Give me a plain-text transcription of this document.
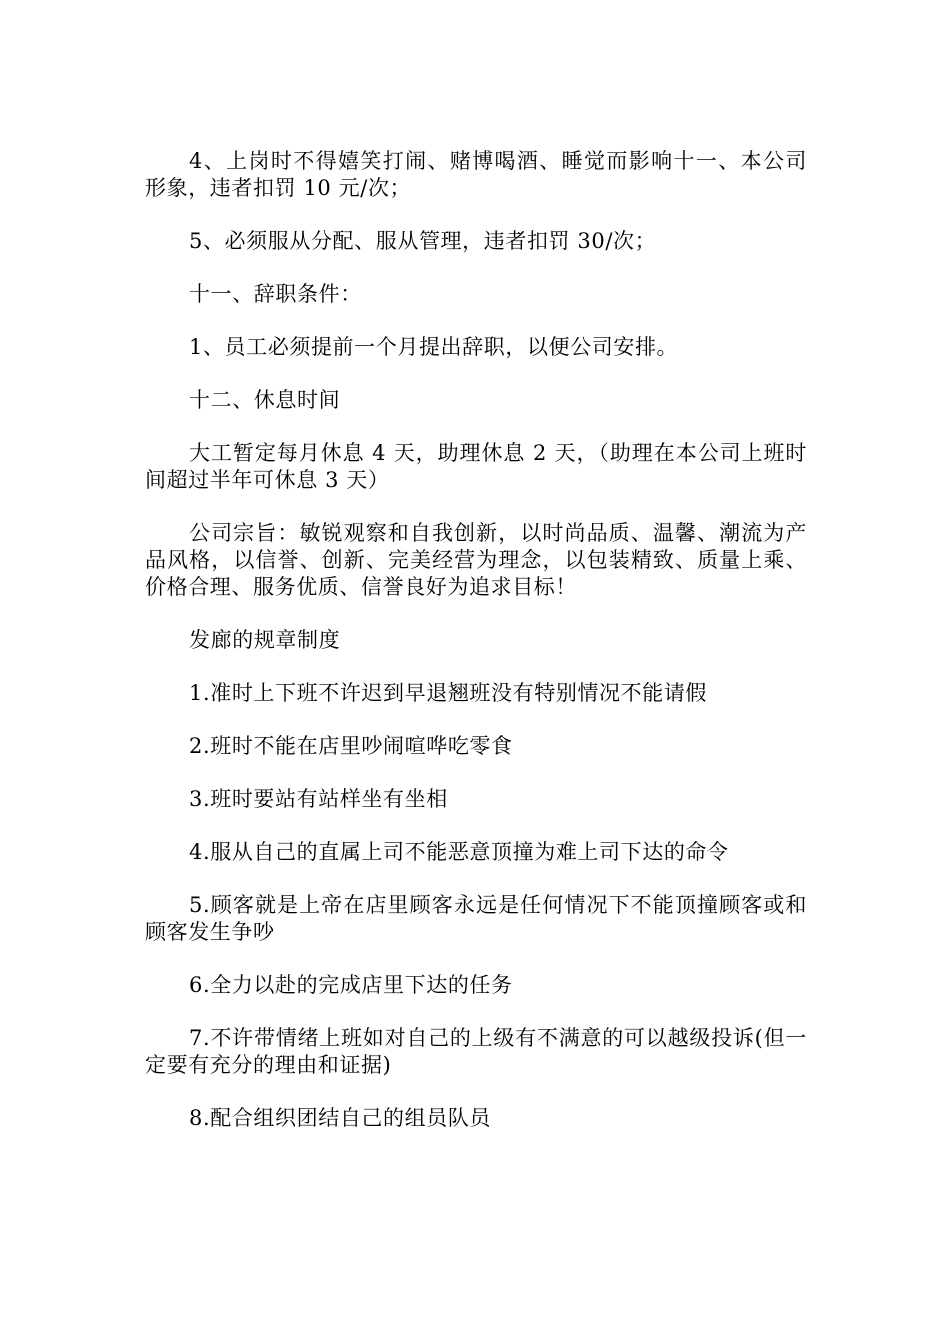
4、上岗时不得嬉笑打闹、赌博喝酒、睡觉而影响十一、本公司形象，违者扣罚 10 元/次；

5、必须服从分配、服从管理，违者扣罚 30/次；

十一、辞职条件：

1、员工必须提前一个月提出辞职，以便公司安排。

十二、休息时间

大工暂定每月休息 4 天，助理休息 2 天，（助理在本公司上班时间超过半年可休息 3 天）

公司宗旨：敏锐观察和自我创新，以时尚品质、温馨、潮流为产品风格，以信誉、创新、完美经营为理念，以包装精致、质量上乘、价格合理、服务优质、信誉良好为追求目标！

发廊的规章制度

1.准时上下班不许迟到早退翘班没有特别情况不能请假

2.班时不能在店里吵闹喧哗吃零食

3.班时要站有站样坐有坐相

4.服从自己的直属上司不能恶意顶撞为难上司下达的命令

5.顾客就是上帝在店里顾客永远是任何情况下不能顶撞顾客或和顾客发生争吵

6.全力以赴的完成店里下达的任务

7.不许带情绪上班如对自己的上级有不满意的可以越级投诉(但一定要有充分的理由和证据)

8.配合组织团结自己的组员队员
